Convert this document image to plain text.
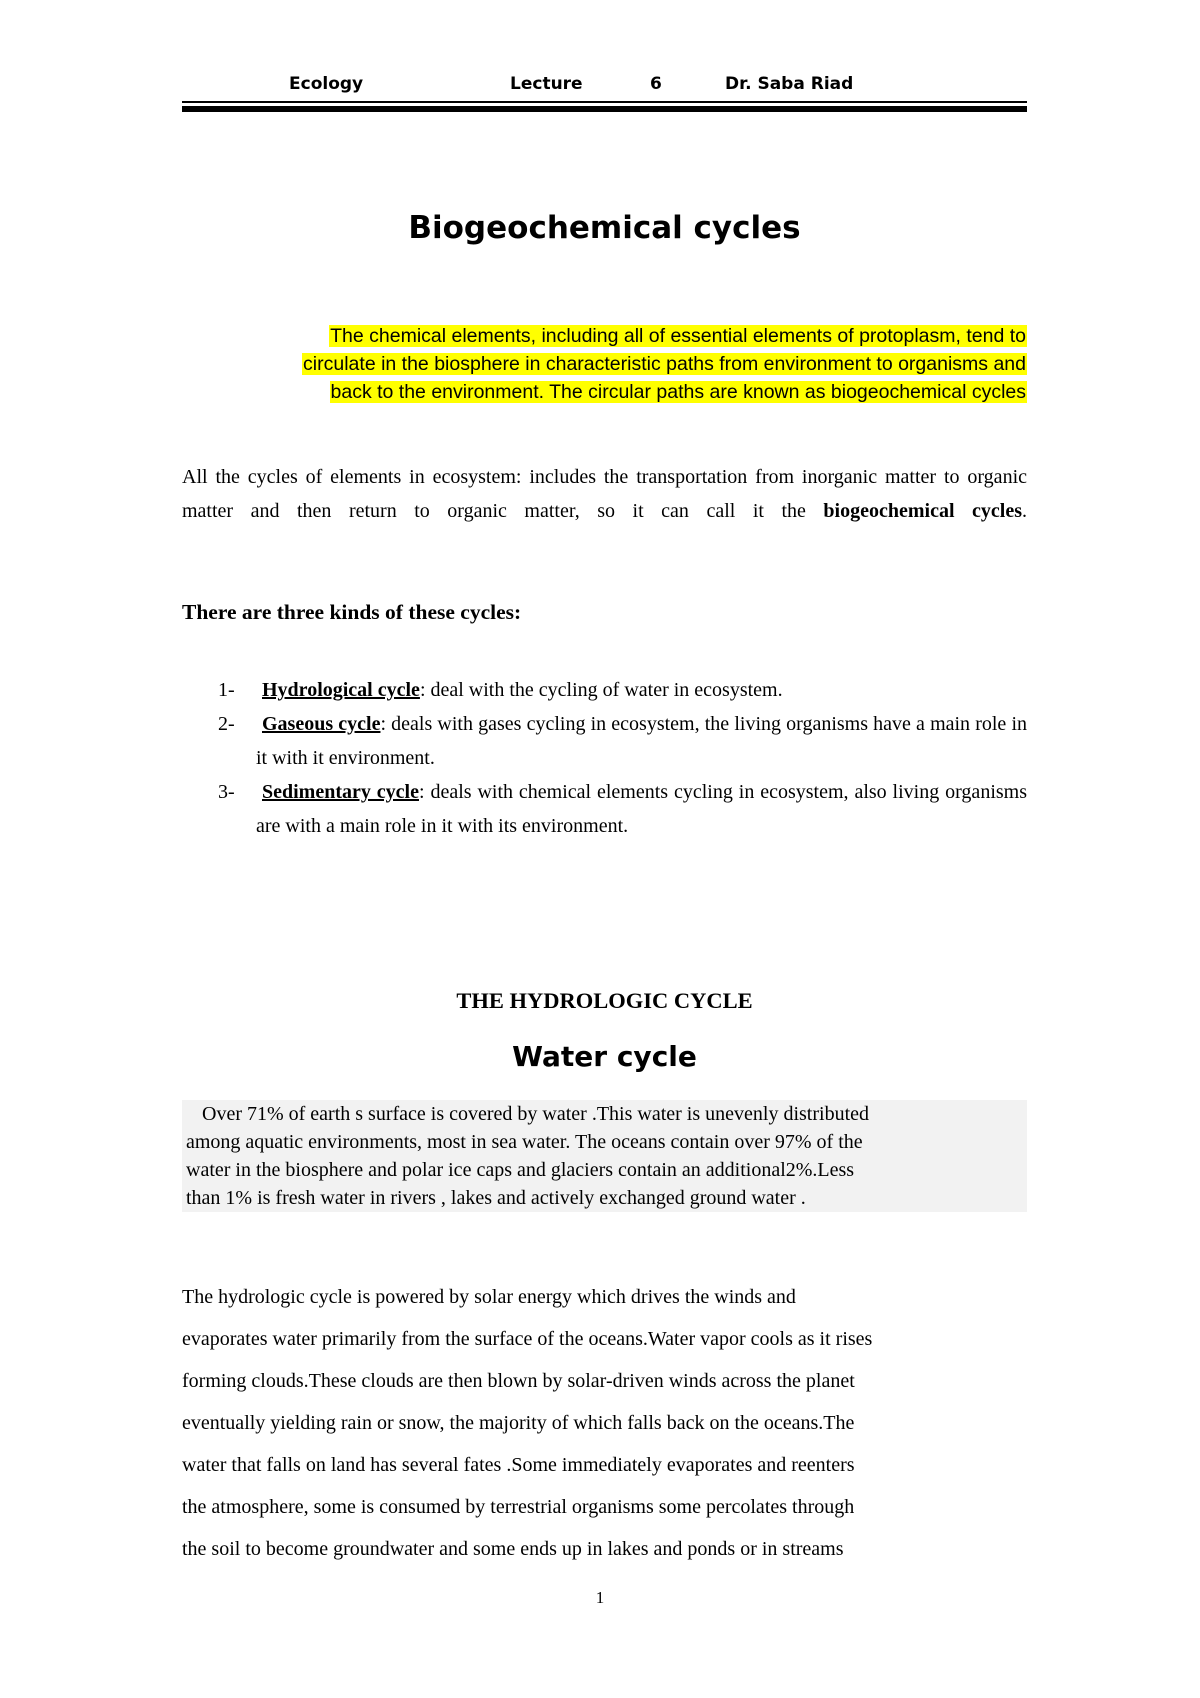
Ecology	Lecture	6	Dr. Saba Riad
Biogeochemical cycles
The chemical elements, including all of essential elements of protoplasm, tend to
circulate in the biosphere in characteristic paths from environment to organisms and
back to the environment. The circular paths are known as biogeochemical cycles
All the cycles of elements in ecosystem: includes the transportation from inorganic matter to organic matter and then return to organic matter, so it can call it the biogeochemical cycles.
There are three kinds of these cycles:
1- Hydrological cycle: deal with the cycling of water in ecosystem.
2- Gaseous cycle: deals with gases cycling in ecosystem, the living organisms have a main role in it with it environment.
3- Sedimentary cycle: deals with chemical elements cycling in ecosystem, also living organisms are with a main role in it with its environment.
THE HYDROLOGIC CYCLE
Water cycle
Over 71% of earth s surface is covered by water .This water is unevenly distributed
among aquatic environments, most in sea water. The oceans contain over 97% of the
water in the biosphere and polar ice caps and glaciers contain an additional2%.Less
than 1% is fresh water in rivers , lakes and actively exchanged ground water .
The hydrologic cycle is powered by solar energy which drives the winds and
evaporates water primarily from the surface of the oceans.Water vapor cools as it rises
forming clouds.These clouds are then blown by solar-driven winds across the planet
eventually yielding rain or snow, the majority of which falls back on the oceans.The
water that falls on land has several fates .Some immediately evaporates and reenters
the atmosphere, some is consumed by terrestrial organisms some percolates through
the soil to become groundwater and some ends up in lakes and ponds or in streams
1
